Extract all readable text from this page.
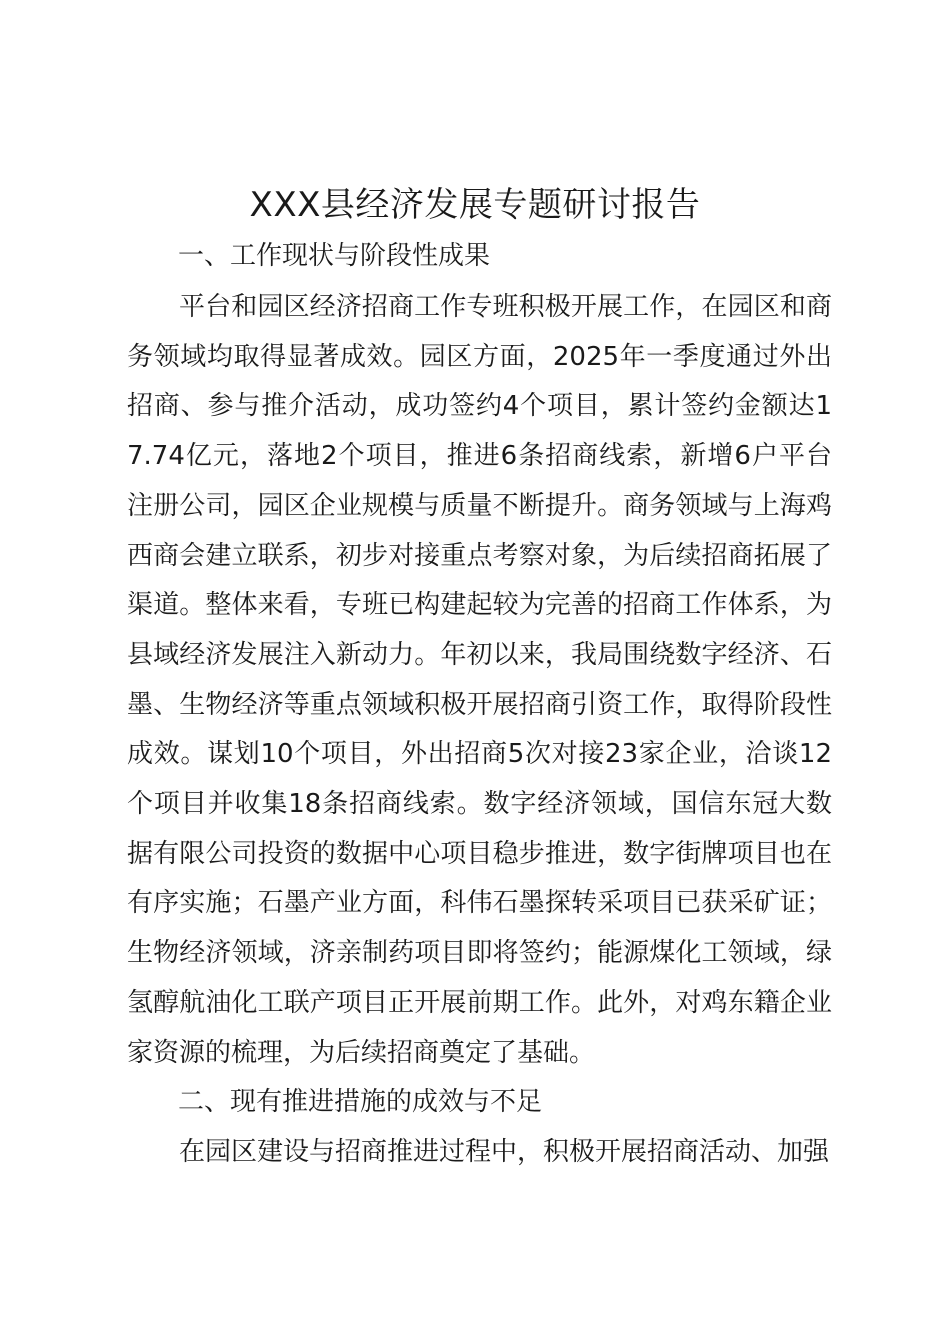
XXX县经济发展专题研讨报告
一、工作现状与阶段性成果

平台和园区经济招商工作专班积极开展工作，在园区和商务领域均取得显著成效。园区方面，2025年一季度通过外出招商、参与推介活动，成功签约4个项目，累计签约金额达17.74亿元，落地2个项目，推进6条招商线索，新增6户平台注册公司，园区企业规模与质量不断提升。商务领域与上海鸡西商会建立联系，初步对接重点考察对象，为后续招商拓展了渠道。整体来看，专班已构建起较为完善的招商工作体系，为县域经济发展注入新动力。年初以来，我局围绕数字经济、石墨、生物经济等重点领域积极开展招商引资工作，取得阶段性成效。谋划10个项目，外出招商5次对接23家企业，洽谈12个项目并收集18条招商线索。数字经济领域，国信东冠大数据有限公司投资的数据中心项目稳步推进，数字街牌项目也在有序实施；石墨产业方面，科伟石墨探转采项目已获采矿证；生物经济领域，济亲制药项目即将签约；能源煤化工领域，绿氢醇航油化工联产项目正开展前期工作。此外，对鸡东籍企业家资源的梳理，为后续招商奠定了基础。

二、现有推进措施的成效与不足

在园区建设与招商推进过程中，积极开展招商活动、加强
